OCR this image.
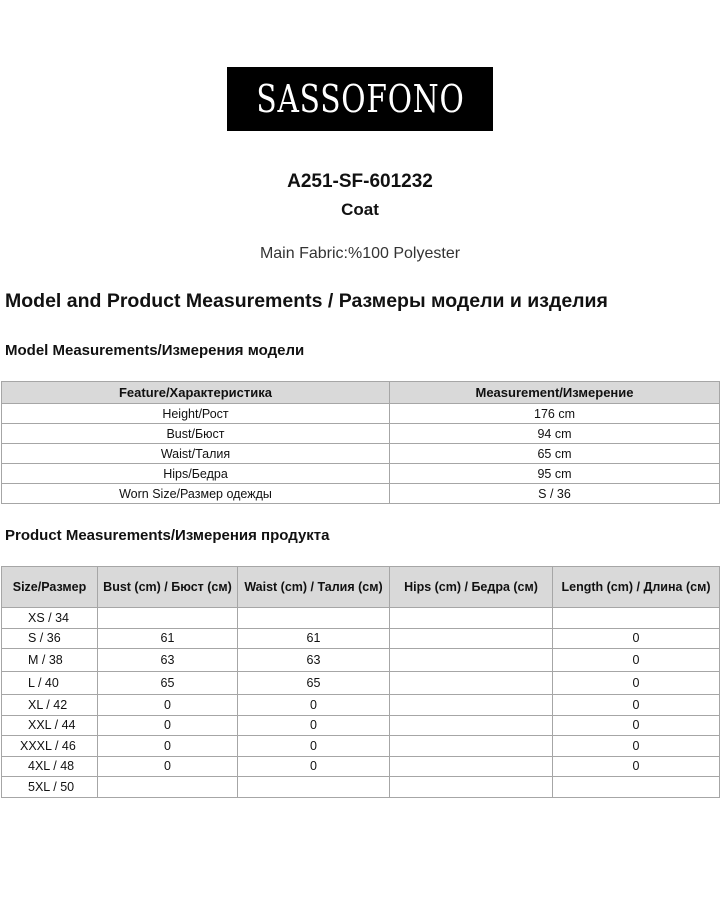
SASSOFONO
A251-SF-601232
Coat
Main Fabric:%100 Polyester
Model and Product Measurements / Размеры модели и изделия
Model Measurements/Измерения модели
Feature/Характеристика	Measurement/Измерение
Height/Рост	176 cm
Bust/Бюст	94 cm
Waist/Талия	65 cm
Hips/Бедра	95 cm
Worn Size/Размер одежды	S / 36
Product Measurements/Измерения продукта
Size/Размер	Bust (cm) / Бюст (см)	Waist (cm) / Талия (см)	Hips (cm) / Бедра (см)	Length (cm) / Длина (см)
XS / 34				
S / 36	61	61		0
M / 38	63	63		0
L / 40	65	65		0
XL / 42	0	0		0
XXL / 44	0	0		0
XXXL / 46	0	0		0
4XL / 48	0	0		0
5XL / 50				
